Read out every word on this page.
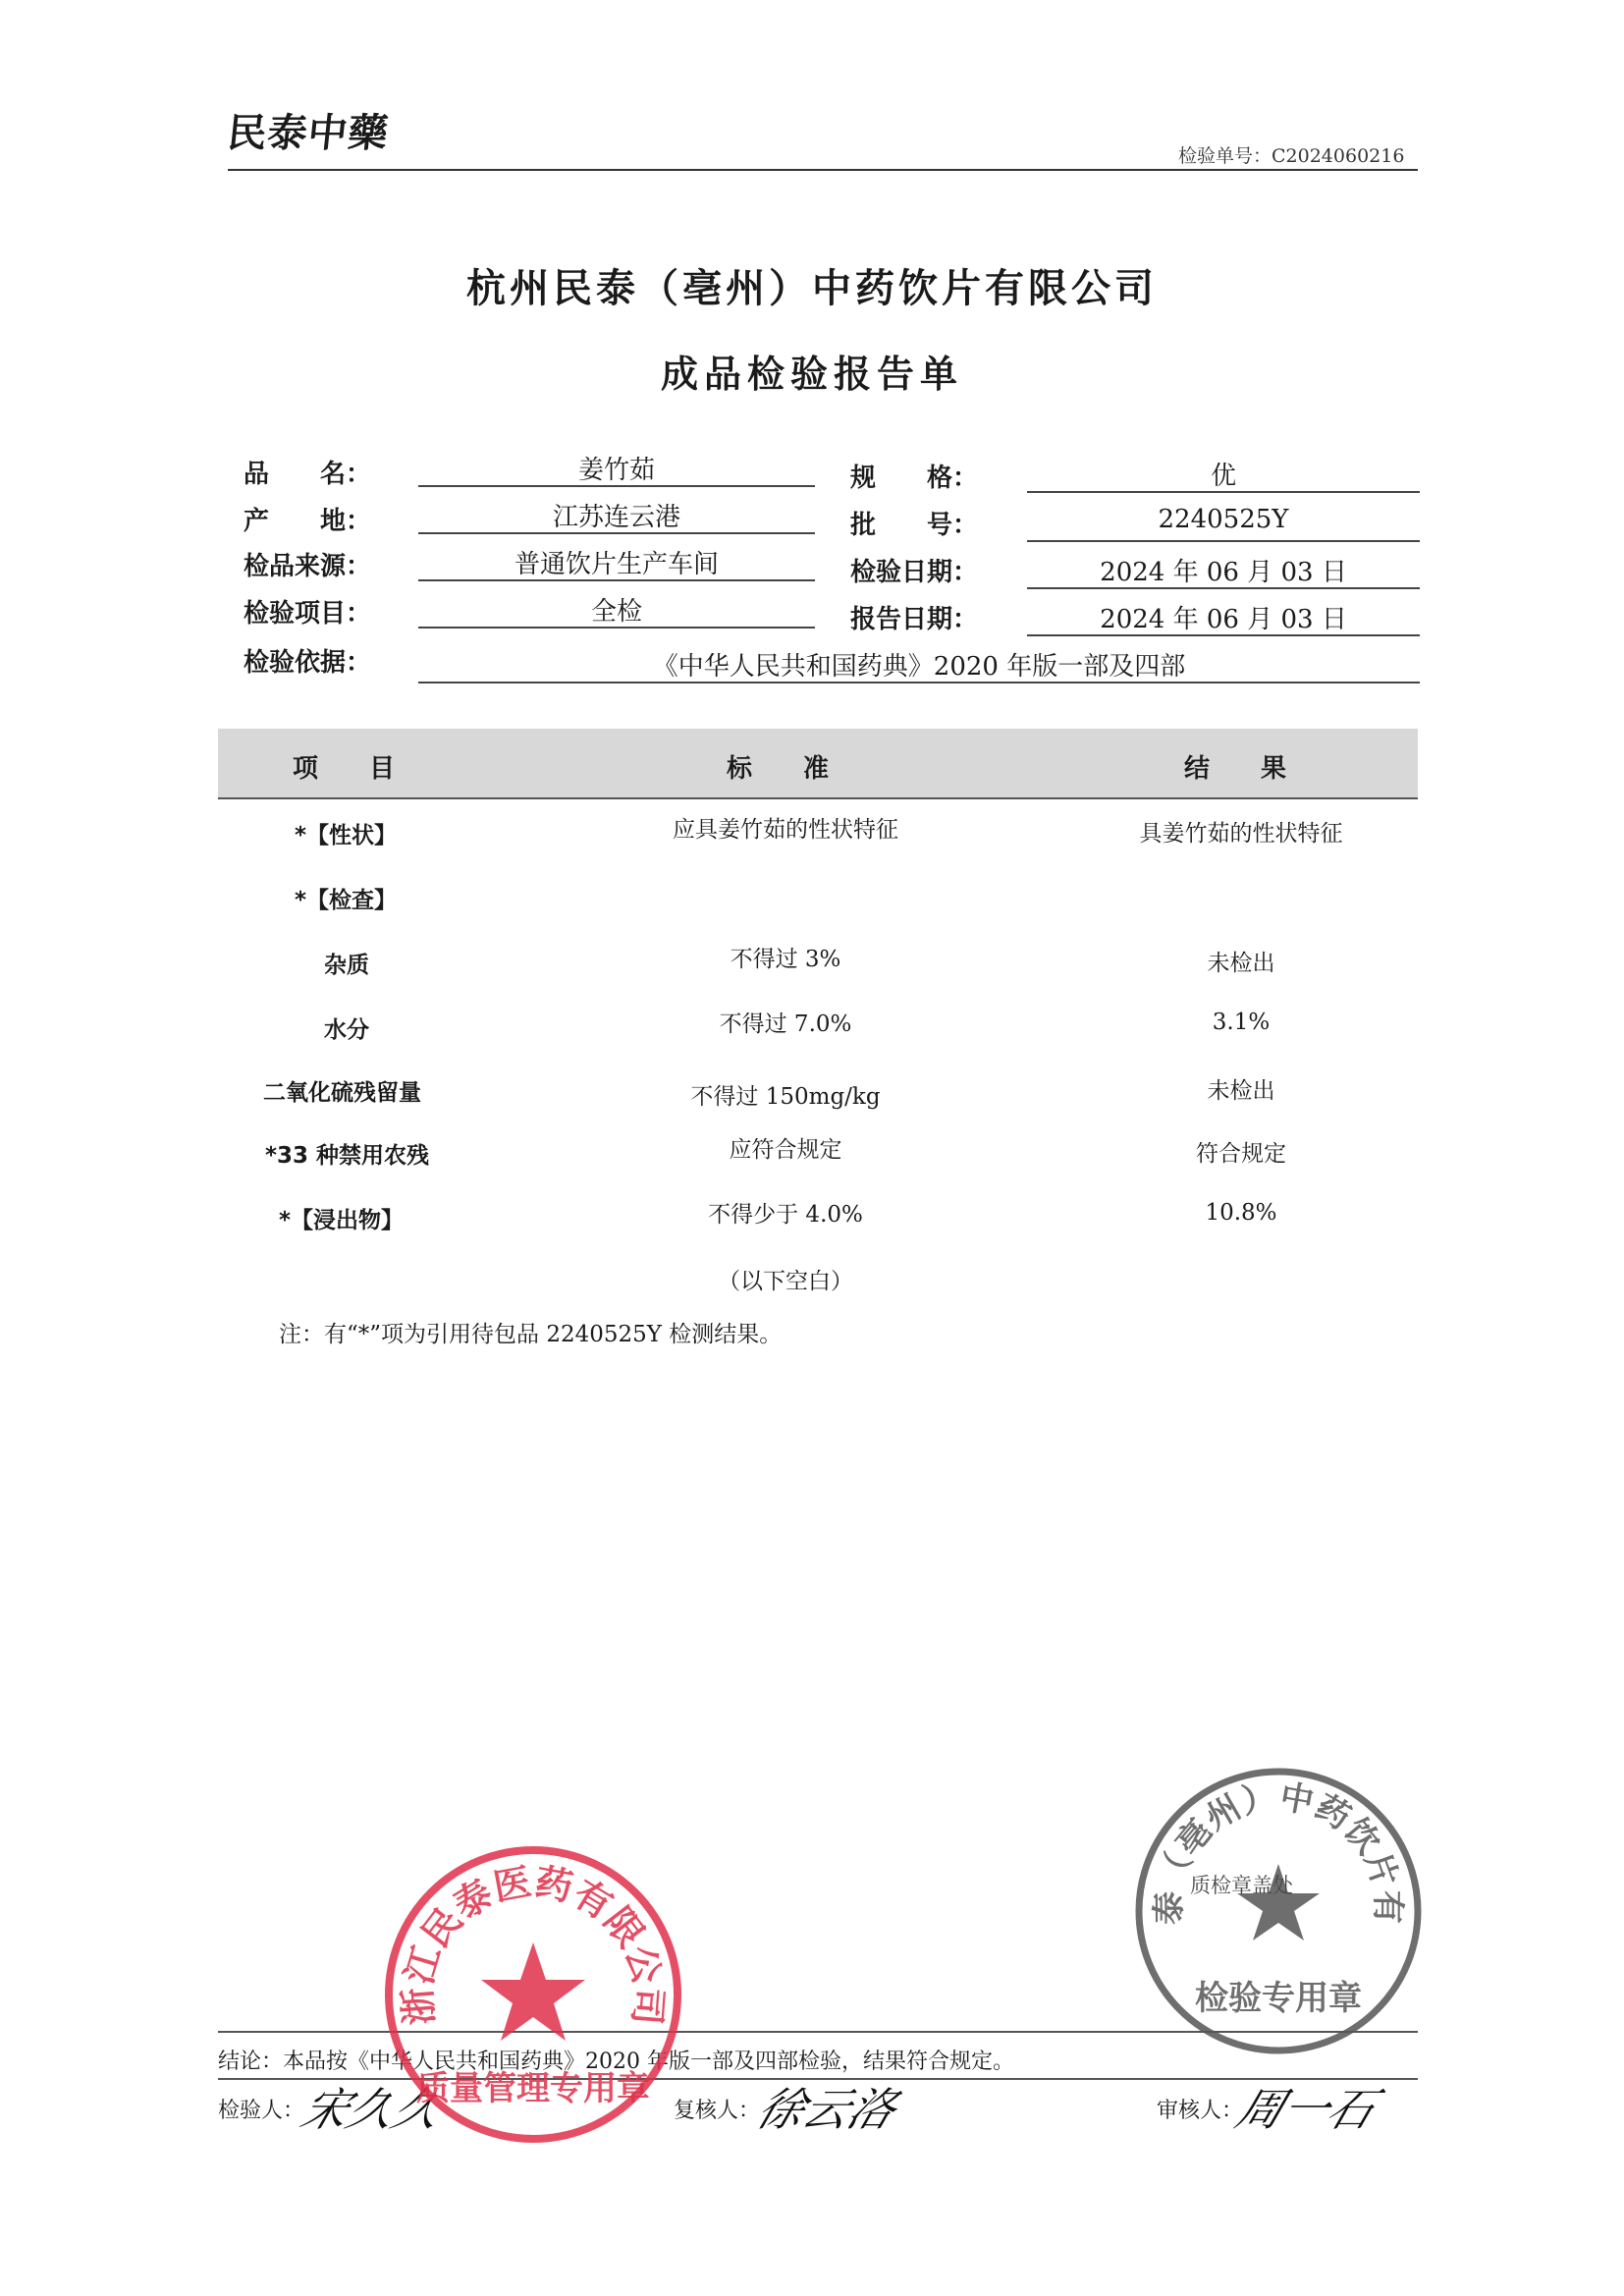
民泰中藥	检验单号：C2024060216
杭州民泰（亳州）中药饮片有限公司
成品检验报告单
品　　名：	姜竹茹	规　　格：	优
产　　地：	江苏连云港	批　　号：	2240525Y
检品来源：	普通饮片生产车间	检验日期：	2024 年 06 月 03 日
检验项目：	全检	报告日期：	2024 年 06 月 03 日
检验依据：	《中华人民共和国药典》2020 年版一部及四部
项　　目	标　　准	结　　果
*【性状】	应具姜竹茹的性状特征	具姜竹茹的性状特征
*【检查】
杂质	不得过 3%	未检出
水分	不得过 7.0%	3.1%
二氧化硫残留量	不得过 150mg/kg	未检出
*33 种禁用农残	应符合规定	符合规定
*【浸出物】	不得少于 4.0%	10.8%
（以下空白）
注：有“*”项为引用待包品 2240525Y 检测结果。
泰（亳州）中药饮片有
检验专用章
质检章盖处
结论：本品按《中华人民共和国药典》2020 年版一部及四部检验，结果符合规定。
检验人：
宋久久	复核人：
徐云洛	审核人：
周一石
浙江民泰医药有限公司
质量管理专用章
